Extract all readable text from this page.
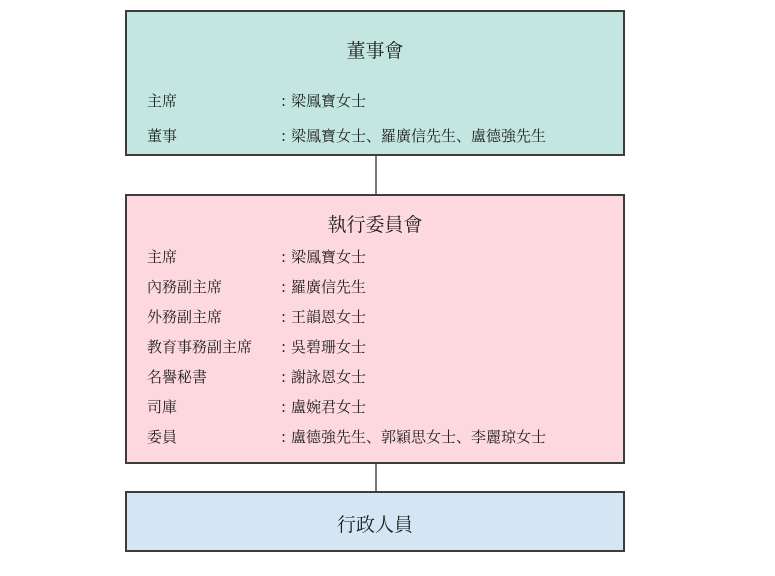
董事會
主席	: 梁鳳寶女士
董事	: 梁鳳寶女士、羅廣信先生、盧德強先生
執行委員會
主席	: 梁鳳寶女士
內務副主席	: 羅廣信先生
外務副主席	: 王韻恩女士
教育事務副主席 : 吳碧珊女士
名譽秘書	: 謝詠恩女士
司庫	: 盧婉君女士
委員	: 盧德強先生、郭穎思女士、李麗琼女士
行政人員
